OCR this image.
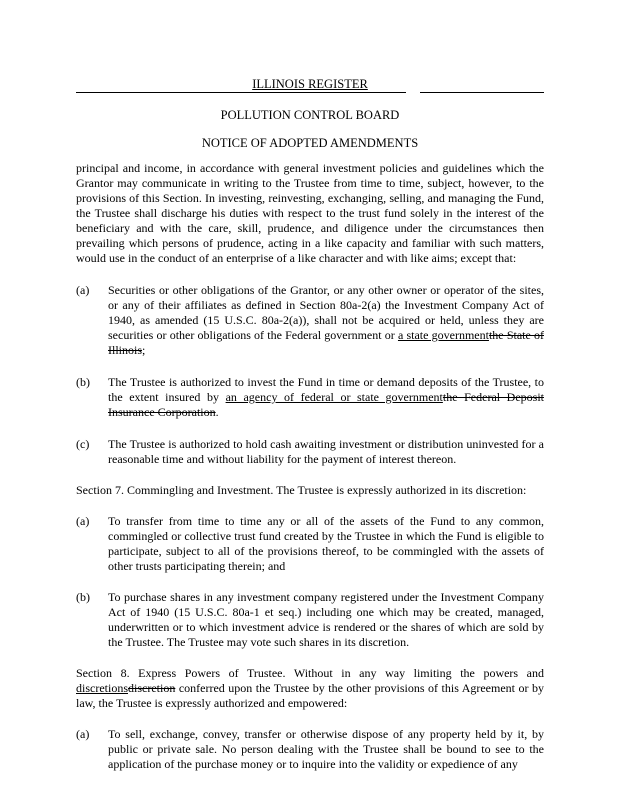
ILLINOIS REGISTER
POLLUTION CONTROL BOARD
NOTICE OF ADOPTED AMENDMENTS

principal and income, in accordance with general investment policies and guidelines which the Grantor may communicate in writing to the Trustee from time to time, subject, however, to the provisions of this Section. In investing, reinvesting, exchanging, selling, and managing the Fund, the Trustee shall discharge his duties with respect to the trust fund solely in the interest of the beneficiary and with the care, skill, prudence, and diligence under the circumstances then prevailing which persons of prudence, acting in a like capacity and familiar with such matters, would use in the conduct of an enterprise of a like character and with like aims; except that:

(a)	Securities or other obligations of the Grantor, or any other owner or operator of the sites, or any of their affiliates as defined in Section 80a-2(a) the Investment Company Act of 1940, as amended (15 U.S.C. 80a-2(a)), shall not be acquired or held, unless they are securities or other obligations of the Federal government or a state governmentthe State of Illinois;
(b)	The Trustee is authorized to invest the Fund in time or demand deposits of the Trustee, to the extent insured by an agency of federal or state governmentthe Federal Deposit Insurance Corporation.
(c)	The Trustee is authorized to hold cash awaiting investment or distribution uninvested for a reasonable time and without liability for the payment of interest thereon.

Section 7. Commingling and Investment. The Trustee is expressly authorized in its discretion:

(a)	To transfer from time to time any or all of the assets of the Fund to any common, commingled or collective trust fund created by the Trustee in which the Fund is eligible to participate, subject to all of the provisions thereof, to be commingled with the assets of other trusts participating therein; and
(b)	To purchase shares in any investment company registered under the Investment Company Act of 1940 (15 U.S.C. 80a-1 et seq.) including one which may be created, managed, underwritten or to which investment advice is rendered or the shares of which are sold by the Trustee. The Trustee may vote such shares in its discretion.

Section 8. Express Powers of Trustee. Without in any way limiting the powers and discretionsdiscretion conferred upon the Trustee by the other provisions of this Agreement or by law, the Trustee is expressly authorized and empowered:

(a)	To sell, exchange, convey, transfer or otherwise dispose of any property held by it, by public or private sale. No person dealing with the Trustee shall be bound to see to the application of the purchase money or to inquire into the validity or expedience of any
